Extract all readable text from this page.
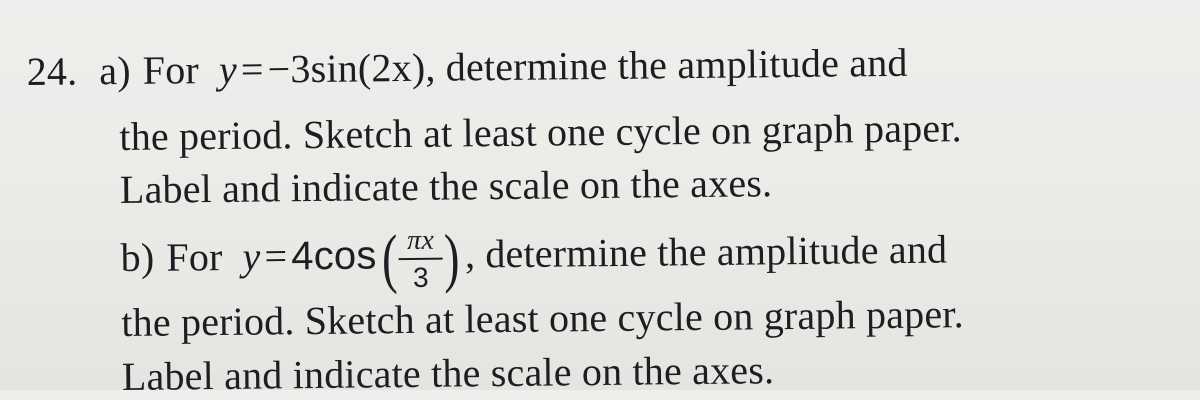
24. a) For y=−3sin(2x), determine the amplitude and
the period. Sketch at least one cycle on graph paper.
Label and indicate the scale on the axes.
b) For $y=4\cos( \frac{\pi x}{3}$ ) , determine the amplitude and
the period. Sketch at least one cycle on graph paper.
Label and indicate the scale on the axes.
